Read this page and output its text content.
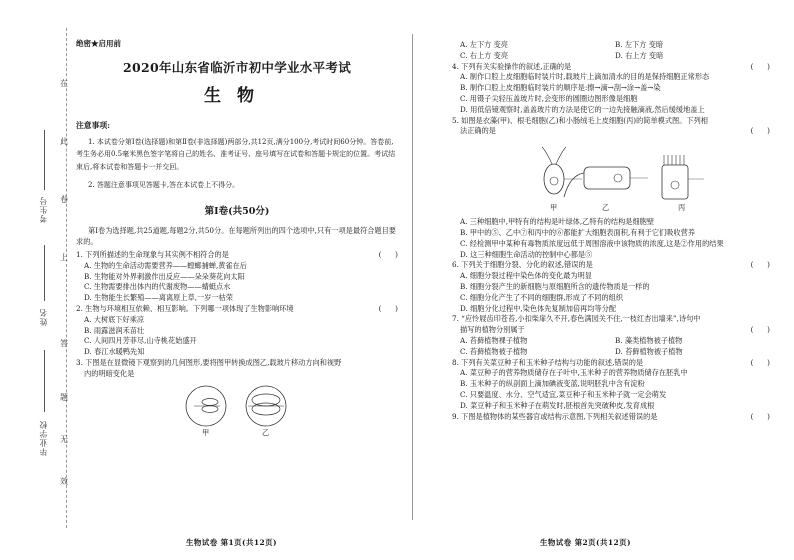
在
此
卷
上
答
题
无
效
考生号
姓名
毕业学校
绝密★启用前
2020年山东省临沂市初中学业水平考试
生物
注意事项:

1. 本试卷分第Ⅰ卷(选择题)和第Ⅱ卷(非选择题)两部分,共12页,满分100分,考试时间60分钟。答卷前,考生务必用0.5毫米黑色签字笔将自己的姓名、准考证号、座号填写在试卷和答题卡规定的位置。考试结束后,将本试卷和答题卡一并交回。

2. 答题注意事项见答题卡,答在本试卷上不得分。

第Ⅰ卷(共50分)

第Ⅰ卷为选择题,共25道题,每题2分,共50分。在每题所列出的四个选项中,只有一项是最符合题目要求的。

1. 下列所描述的生命现象与其实例不相符合的是	(      )

A. 生物的生命活动需要营养——螳螂捕蝉,黄雀在后

B. 生物能对外界刺激作出反应——朵朵葵花向太阳

C. 生物需要排出体内的代谢废物——蜻蜓点水

D. 生物能生长繁殖——离离原上草,一岁一枯荣

2. 生物与环境相互依赖、相互影响。下列哪一项体现了生物影响环境	(      )

A. 大树底下好乘凉

B. 雨露滋润禾苗壮

C. 人间四月芳菲尽,山寺桃花始盛开

D. 春江水暖鸭先知

3. 下图是在显微镜下观察到的几何图形,要将图甲转换成图乙,载玻片移动方向和视野

内的明暗变化是

甲	乙
生物试卷 第1页(共12页)
A. 左下方 变亮	B. 左下方 变暗
C. 右上方 变亮	D. 右上方 变暗

4. 下列有关实验操作的叙述,正确的是	(      )

A. 制作口腔上皮细胞临时装片时,载玻片上滴加清水的目的是保持细胞正常形态

B. 制作口腔上皮细胞临时装片的顺序是:擦→滴→刮→涂→盖→染

C. 用镊子尖轻压盖玻片时,会变形的圆圈边图形像是细胞

D. 用低倍镜观察时,盖盖玻片的方法是使它的一边先接触滴液,然后缓缓地盖上

5. 如图是衣藻(甲)、根毛细胞(乙)和小肠绒毛上皮细胞(丙)的简单模式图。下列相

法正确的是	(      )

甲	乙	丙

A. 三种细胞中,甲特有的结构是叶绿体,乙特有的结构是细胞壁

B. 甲中的⑤、乙中⑦和丙中的⑥都能扩大细胞表面积,有利于它们吸收营养

C. 经检测甲中某种有毒物质浓度远低于周围溶液中该物质的浓度,这是②作用的结果

D. 这三种细胞生命活动的控制中心都是⑤

6. 下列关于细胞分裂、分化的叙述,错误的是	(      )

A. 细胞分裂过程中染色体的变化最为明显

B. 细胞分裂产生的新细胞与原细胞所含的遗传物质是一样的

C. 细胞分化产生了不同的细胞群,形成了不同的组织

D. 细胞分化过程中,染色体先复制加倍再均等分配

7. “应怜屐齿印苍苔,小扣柴扉久不开,春色满园关不住,一枝红杏出墙来”,诗句中

描写的植物分别属于	(      )

A. 苔藓植物裸子植物	B. 藻类植物被子植物
C. 苔藓植物被子植物	D. 苔藓植物被子植物

8. 下列有关菜豆种子和玉米种子结构与功能的叙述,错误的是	(      )

A. 菜豆种子的营养物质储存在子叶中,玉米种子的营养物质储存在胚乳中

B. 玉米种子的纵剖面上滴加碘液变蓝,说明胚乳中含有淀粉

C. 只要温度、水分、空气适宜,菜豆种子和玉米种子就一定会萌发

D. 菜豆种子和玉米种子在萌发时,胚根首先突破种皮,发育成根

9. 下图是植物体的某些器官或结构示意图,下列相关叙述错误的是	(      )

生物试卷 第2页(共12页)
